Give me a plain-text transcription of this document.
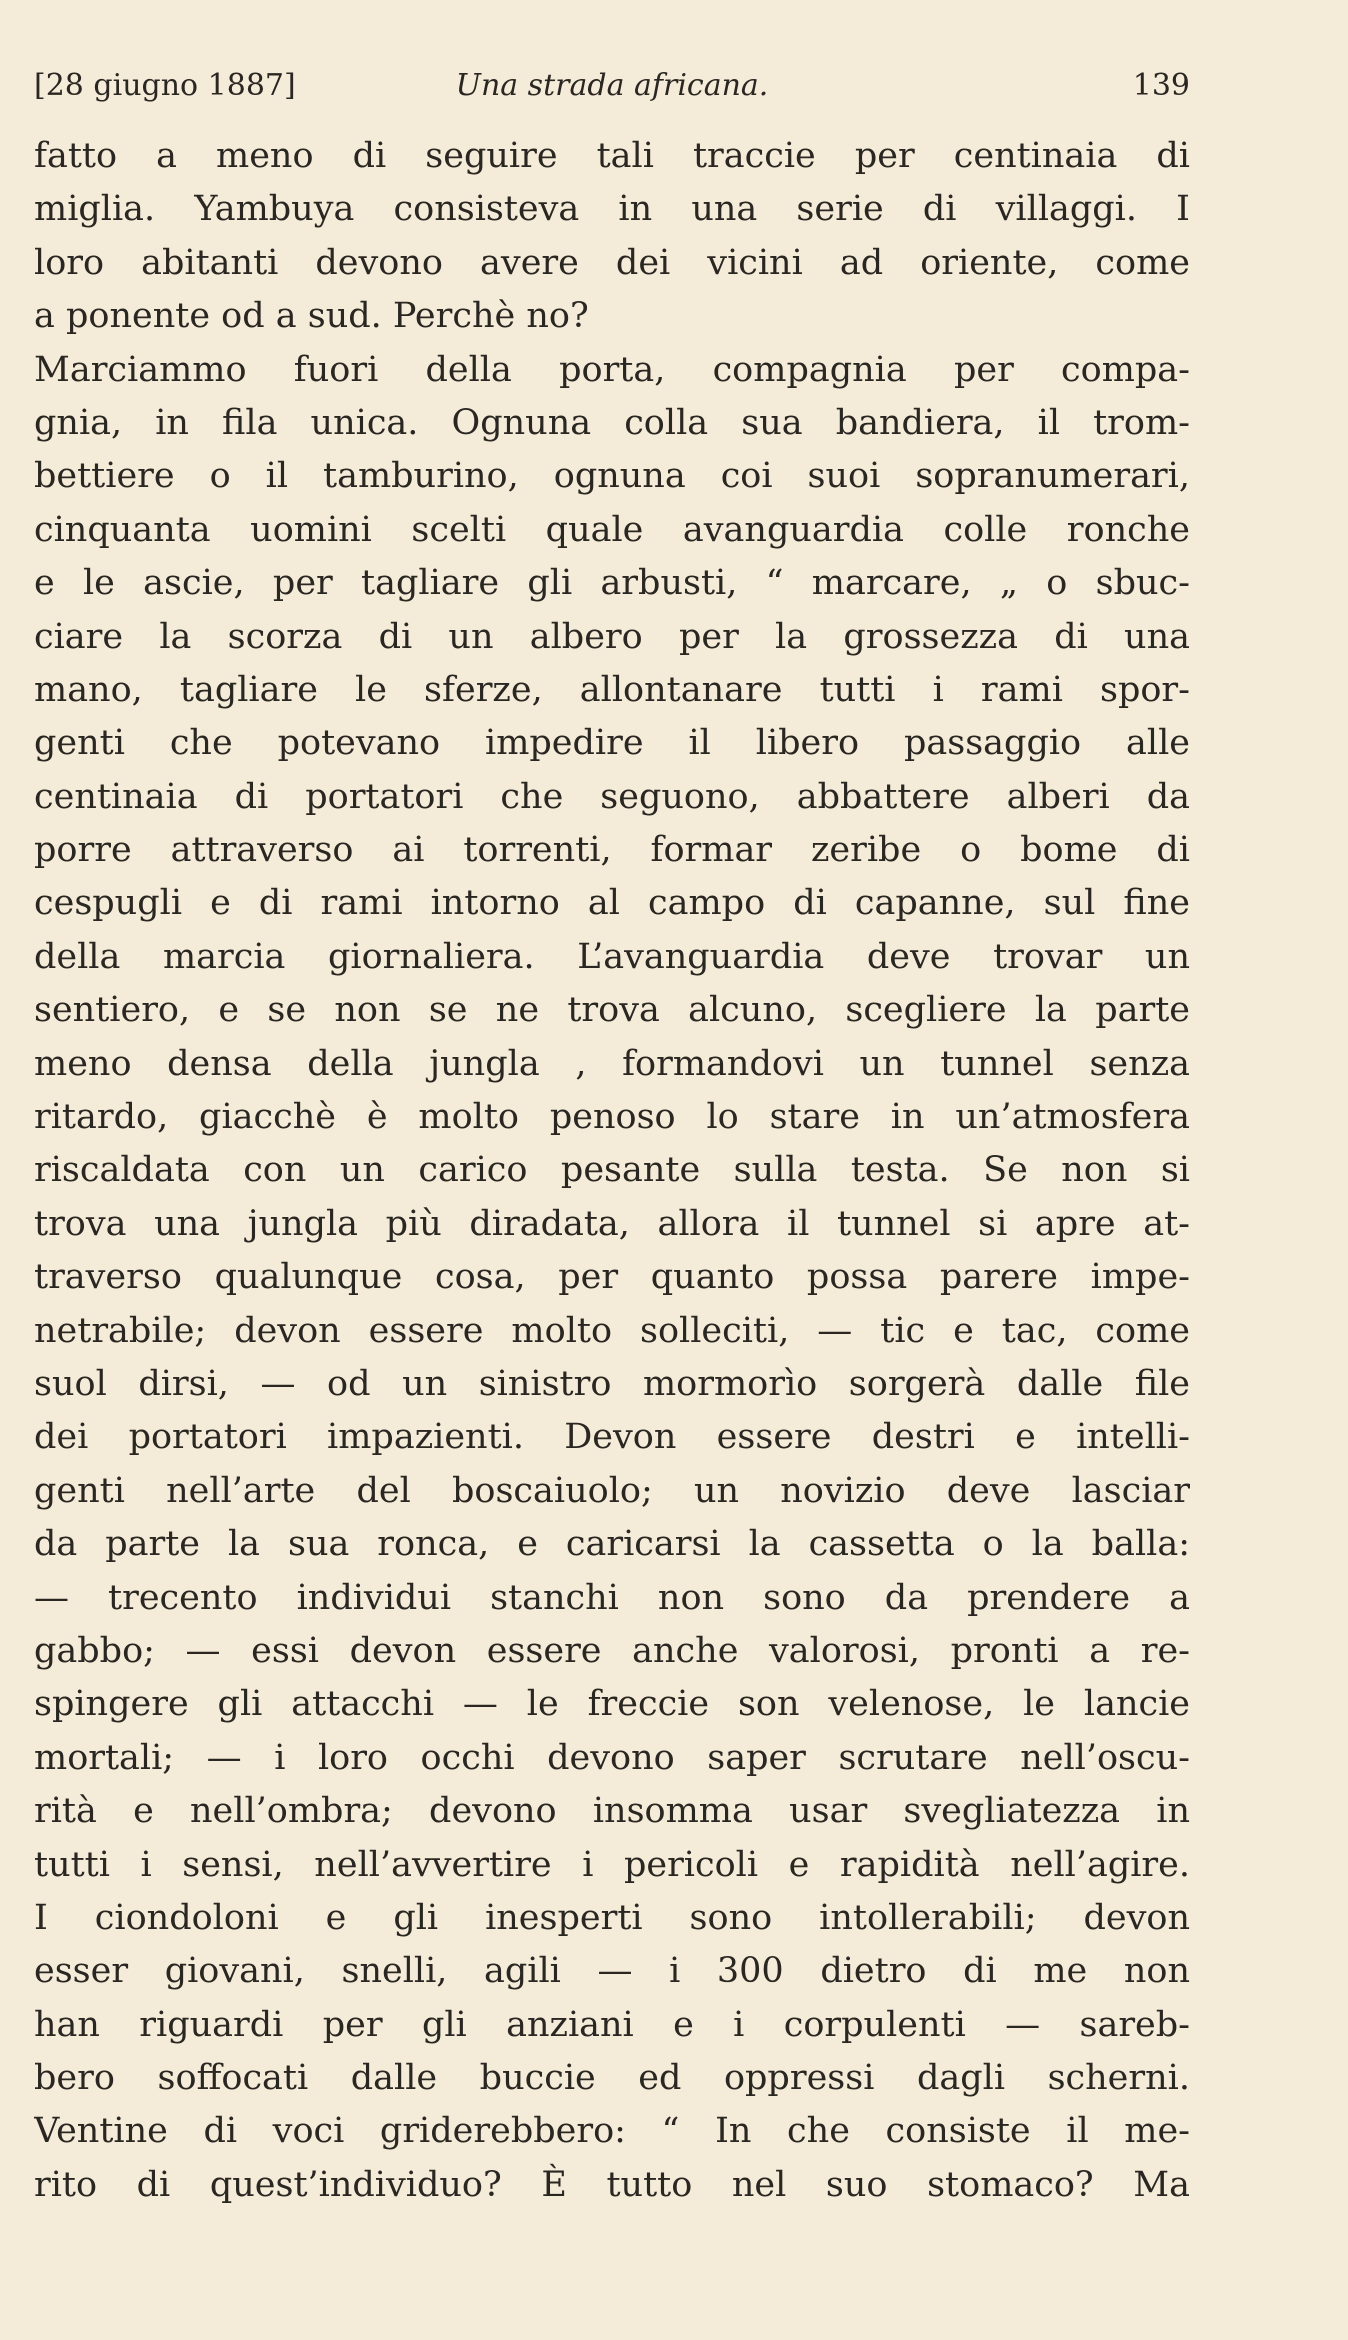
[28 giugno 1887]	Una strada africana.	139
fatto a meno di seguire tali traccie per centinaia di
miglia. Yambuya consisteva in una serie di villaggi. I
loro abitanti devono avere dei vicini ad oriente, come
a ponente od a sud. Perchè no?
Marciammo fuori della porta, compagnia per compa-
gnia, in fila unica. Ognuna colla sua bandiera, il trom-
bettiere o il tamburino, ognuna coi suoi sopranumerari,
cinquanta uomini scelti quale avanguardia colle ronche
e le ascie, per tagliare gli arbusti, “ marcare, „ o sbuc-
ciare la scorza di un albero per la grossezza di una
mano, tagliare le sferze, allontanare tutti i rami spor-
genti che potevano impedire il libero passaggio alle
centinaia di portatori che seguono, abbattere alberi da
porre attraverso ai torrenti, formar zeribe o bome di
cespugli e di rami intorno al campo di capanne, sul fine
della marcia giornaliera. L’avanguardia deve trovar un
sentiero, e se non se ne trova alcuno, scegliere la parte
meno densa della jungla , formandovi un tunnel senza
ritardo, giacchè è molto penoso lo stare in un’atmosfera
riscaldata con un carico pesante sulla testa. Se non si
trova una jungla più diradata, allora il tunnel si apre at-
traverso qualunque cosa, per quanto possa parere impe-
netrabile; devon essere molto solleciti, — tic e tac, come
suol dirsi, — od un sinistro mormorìo sorgerà dalle file
dei portatori impazienti. Devon essere destri e intelli-
genti nell’arte del boscaiuolo; un novizio deve lasciar
da parte la sua ronca, e caricarsi la cassetta o la balla:
— trecento individui stanchi non sono da prendere a
gabbo; — essi devon essere anche valorosi, pronti a re-
spingere gli attacchi — le freccie son velenose, le lancie
mortali; — i loro occhi devono saper scrutare nell’oscu-
rità e nell’ombra; devono insomma usar svegliatezza in
tutti i sensi, nell’avvertire i pericoli e rapidità nell’agire.
I ciondoloni e gli inesperti sono intollerabili; devon
esser giovani, snelli, agili — i 300 dietro di me non
han riguardi per gli anziani e i corpulenti — sareb-
bero soffocati dalle buccie ed oppressi dagli scherni.
Ventine di voci griderebbero: “ In che consiste il me-
rito di quest’individuo? È tutto nel suo stomaco? Ma
